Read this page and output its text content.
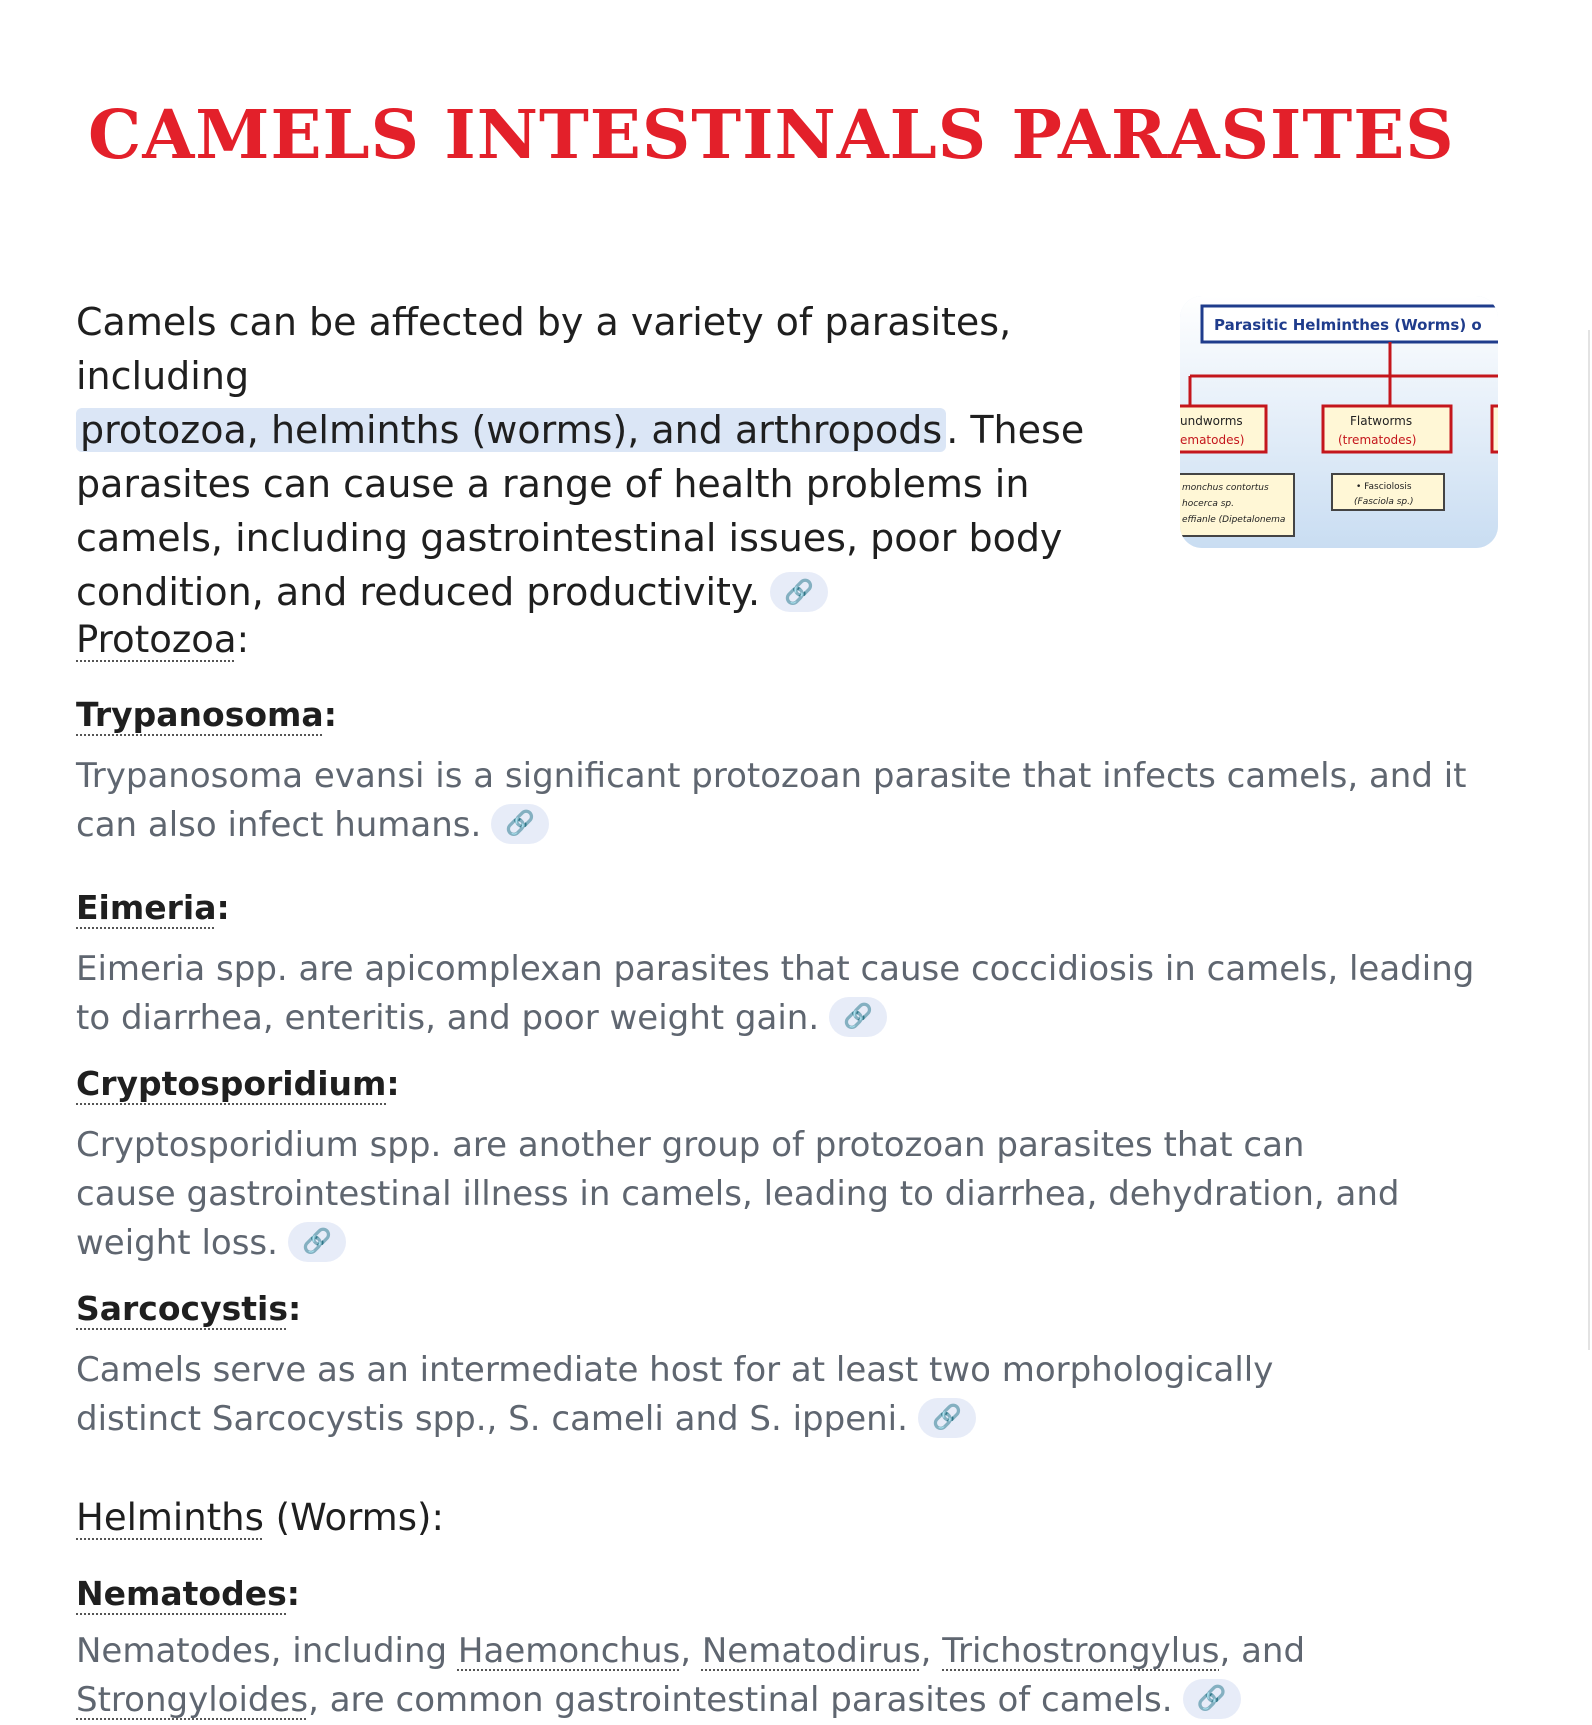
CAMELS INTESTINALS PARASITES
Camels can be affected by a variety of parasites, including
protozoa, helminths (worms), and arthropods . These parasites can cause a range of health problems in camels, including gastrointestinal issues, poor body condition, and reduced productivity. 🔗
Parasitic Helminthes (Worms) o
undworms
ematodes)
Flatworms
(trematodes)
monchus contortus
hocerca sp.
effianle (Dipetalonema
• Fasciolosis
(Fasciola sp.)
Protozoa:
Trypanosoma:
Trypanosoma evansi is a significant protozoan parasite that infects camels, and it can also infect humans. 🔗
Eimeria:
Eimeria spp. are apicomplexan parasites that cause coccidiosis in camels, leading to diarrhea, enteritis, and poor weight gain. 🔗
Cryptosporidium:
Cryptosporidium spp. are another group of protozoan parasites that can cause gastrointestinal illness in camels, leading to diarrhea, dehydration, and weight loss. 🔗
Sarcocystis:
Camels serve as an intermediate host for at least two morphologically distinct Sarcocystis spp., S. cameli and S. ippeni. 🔗
Helminths (Worms):
Nematodes:
Nematodes, including Haemonchus, Nematodirus, Trichostrongylus, and Strongyloides, are common gastrointestinal parasites of camels. 🔗
